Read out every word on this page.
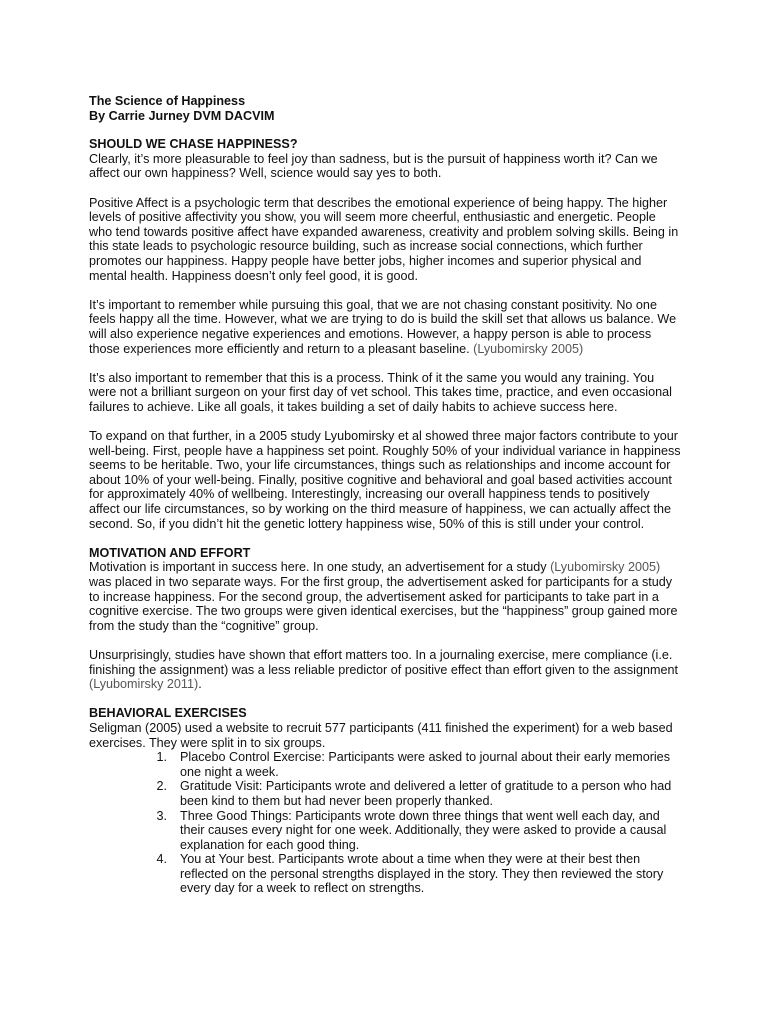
The Science of Happiness
By Carrie Jurney DVM DACVIM
SHOULD WE CHASE HAPPINESS?

Clearly, it’s more pleasurable to feel joy than sadness, but is the pursuit of happiness worth it? Can we affect our own happiness? Well, science would say yes to both.

Positive Affect is a psychologic term that describes the emotional experience of being happy. The higher levels of positive affectivity you show, you will seem more cheerful, enthusiastic and energetic. People who tend towards positive affect have expanded awareness, creativity and problem solving skills. Being in this state leads to psychologic resource building, such as increase social connections, which further promotes our happiness. Happy people have better jobs, higher incomes and superior physical and mental health. Happiness doesn’t only feel good, it is good.

It’s important to remember while pursuing this goal, that we are not chasing constant positivity. No one feels happy all the time. However, what we are trying to do is build the skill set that allows us balance. We will also experience negative experiences and emotions. However, a happy person is able to process those experiences more efficiently and return to a pleasant baseline. (Lyubomirsky 2005)

It’s also important to remember that this is a process. Think of it the same you would any training. You were not a brilliant surgeon on your first day of vet school. This takes time, practice, and even occasional failures to achieve. Like all goals, it takes building a set of daily habits to achieve success here.

To expand on that further, in a 2005 study Lyubomirsky et al showed three major factors contribute to your well-being. First, people have a happiness set point. Roughly 50% of your individual variance in happiness seems to be heritable. Two, your life circumstances, things such as relationships and income account for about 10% of your well-being. Finally, positive cognitive and behavioral and goal based activities account for approximately 40% of wellbeing. Interestingly, increasing our overall happiness tends to positively affect our life circumstances, so by working on the third measure of happiness, we can actually affect the second. So, if you didn’t hit the genetic lottery happiness wise, 50% of this is still under your control.

MOTIVATION AND EFFORT

Motivation is important in success here. In one study, an advertisement for a study (Lyubomirsky 2005) was placed in two separate ways. For the first group, the advertisement asked for participants for a study to increase happiness. For the second group, the advertisement asked for participants to take part in a cognitive exercise. The two groups were given identical exercises, but the “happiness” group gained more from the study than the “cognitive” group.

Unsurprisingly, studies have shown that effort matters too. In a journaling exercise, mere compliance (i.e. finishing the assignment) was a less reliable predictor of positive effect than effort given to the assignment (Lyubomirsky 2011).

BEHAVIORAL EXERCISES
Seligman (2005) used a website to recruit 577 participants (411 finished the experiment) for a web based exercises. They were split in to six groups.
1.	Placebo Control Exercise: Participants were asked to journal about their early memories one night a week.
2.	Gratitude Visit: Participants wrote and delivered a letter of gratitude to a person who had been kind to them but had never been properly thanked.
3.	Three Good Things: Participants wrote down three things that went well each day, and their causes every night for one week. Additionally, they were asked to provide a causal explanation for each good thing.
4.	You at Your best. Participants wrote about a time when they were at their best then reflected on the personal strengths displayed in the story. They then reviewed the story every day for a week to reflect on strengths.
